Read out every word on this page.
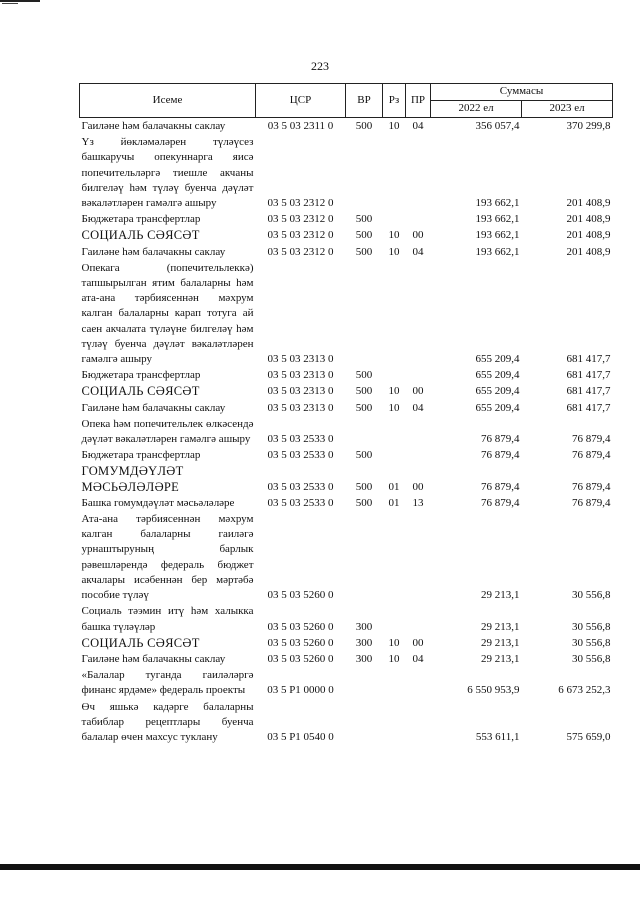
223
Исеме	ЦСР	ВР	Рз	ПР	Суммасы	
					2022 ел	2023 ел
Гаиләнe һәм балачакны саклау	03 5 03 2311 0	500	10	04	356 057,4	370 299,8
Үз йөкләмәләрен түләүсез башкаручы опекуннарга яисә попечительләргә тиешле акчаны билгеләү һәм түләү буенча дәүләт вәкаләтләрен гамәлгә ашыру	03 5 03 2312 0				193 662,1	201 408,9
Бюджетара трансфертлар	03 5 03 2312 0	500			193 662,1	201 408,9
СОЦИАЛЬ СӘЯСӘТ	03 5 03 2312 0	500	10	00	193 662,1	201 408,9
Гаиләнe һәм балачакны саклау	03 5 03 2312 0	500	10	04	193 662,1	201 408,9
Опекага (попечительлеккә) тапшырылган ятим балаларны һәм ата-ана тәрбиясеннән мәхрум калган балаларны карап тотуга ай саен акчалата түләүне билгеләү һәм түләү буенча дәүләт вәкаләтләрен гамәлгә ашыру	03 5 03 2313 0				655 209,4	681 417,7
Бюджетара трансфертлар	03 5 03 2313 0	500			655 209,4	681 417,7
СОЦИАЛЬ СӘЯСӘТ	03 5 03 2313 0	500	10	00	655 209,4	681 417,7
Гаиләнe һәм балачакны саклау	03 5 03 2313 0	500	10	04	655 209,4	681 417,7
Опека һәм попечительлек өлкәсендә дәүләт вәкаләтләрен гамәлгә ашыру	03 5 03 2533 0				76 879,4	76 879,4
Бюджетара трансфертлар	03 5 03 2533 0	500			76 879,4	76 879,4
ГОМУМДӘҮЛӘТ МӘСЬӘЛӘЛӘРЕ	03 5 03 2533 0	500	01	00	76 879,4	76 879,4
Башка гомумдәүләт мәсьәләләре	03 5 03 2533 0	500	01	13	76 879,4	76 879,4
Ата-ана тәрбиясеннән мәхрум калган балаларны гаиләгә урнаштыруның барлык рәвешләрендә федераль бюджет акчалары исәбеннән бер мәртәбә пособие түләү	03 5 03 5260 0				29 213,1	30 556,8
Социаль тәэмин итү һәм халыкка башка түләүләр	03 5 03 5260 0	300			29 213,1	30 556,8
СОЦИАЛЬ СӘЯСӘТ	03 5 03 5260 0	300	10	00	29 213,1	30 556,8
Гаиләнe һәм балачакны саклау	03 5 03 5260 0	300	10	04	29 213,1	30 556,8
«Балалар туганда гаиләләргә финанс ярдәме» федераль проекты	03 5 P1 0000 0				6 550 953,9	6 673 252,3
Өч яшькә кадәрге балаларны табиблар рецептлары буенча балалар өчен махсус туклану	03 5 P1 0540 0				553 611,1	575 659,0
